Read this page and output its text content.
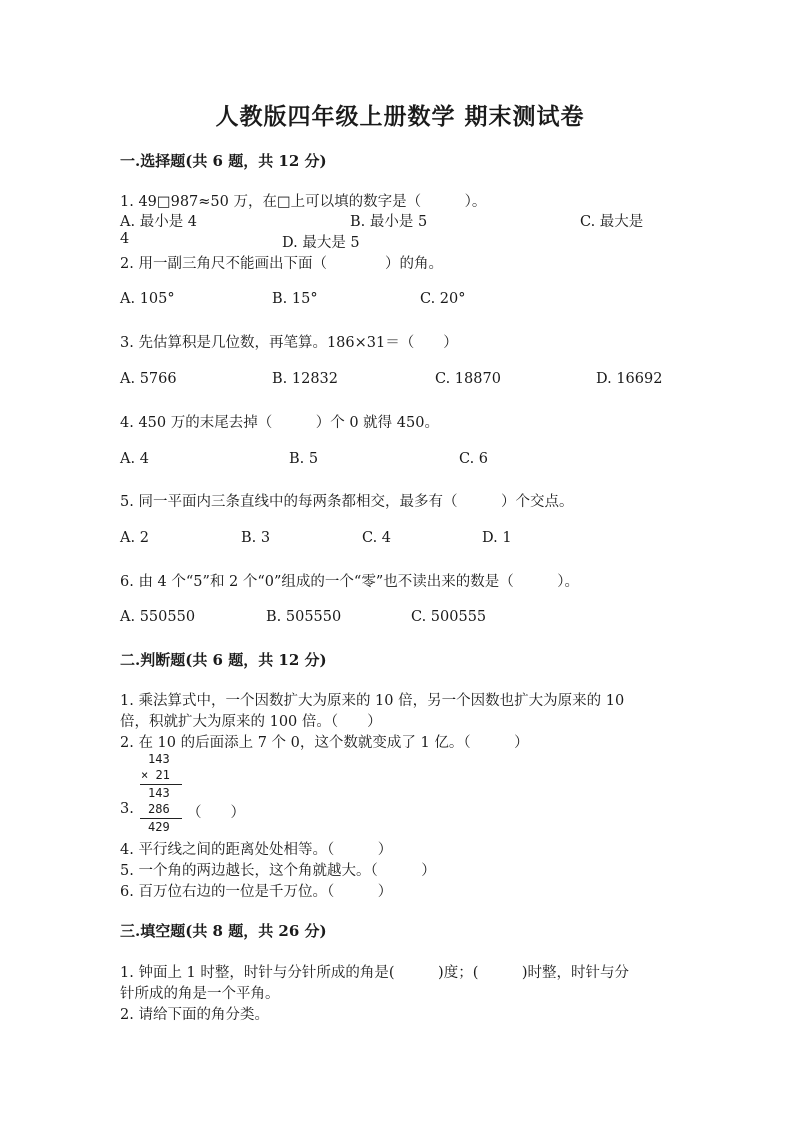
人教版四年级上册数学 期末测试卷
一.选择题(共 6 题，共 12 分)
1. 49□987≈50 万，在□上可以填的数字是（　　　）。
A. 最小是 4	B. 最小是 5	C. 最大是
4	D. 最大是 5
2. 用一副三角尺不能画出下面（　　　　）的角。
A. 105°	B. 15°	C. 20°
3. 先估算积是几位数，再笔算。186×31＝（　　）
A. 5766	B. 12832	C. 18870	D. 16692
4. 450 万的末尾去掉（　　　）个 0 就得 450。
A. 4	B. 5	C. 6
5. 同一平面内三条直线中的每两条都相交，最多有（　　　）个交点。
A. 2	B. 3	C. 4	D. 1
6. 由 4 个“5”和 2 个“0”组成的一个“零”也不读出来的数是（　　　）。
A. 550550	B. 505550	C. 500555
二.判断题(共 6 题，共 12 分)
1. 乘法算式中，一个因数扩大为原来的 10 倍，另一个因数也扩大为原来的 10
倍，积就扩大为原来的 100 倍。（　　）
2. 在 10 的后面添上 7 个 0，这个数就变成了 1 亿。（　　　）
143
× 21
143
286
429
3.	（　　）
4. 平行线之间的距离处处相等。（　　　）
5. 一个角的两边越长，这个角就越大。（　　　）
6. 百万位右边的一位是千万位。（　　　）
三.填空题(共 8 题，共 26 分)
1. 钟面上 1 时整，时针与分针所成的角是(　　　)度；(　　　)时整，时针与分
针所成的角是一个平角。
2. 请给下面的角分类。
